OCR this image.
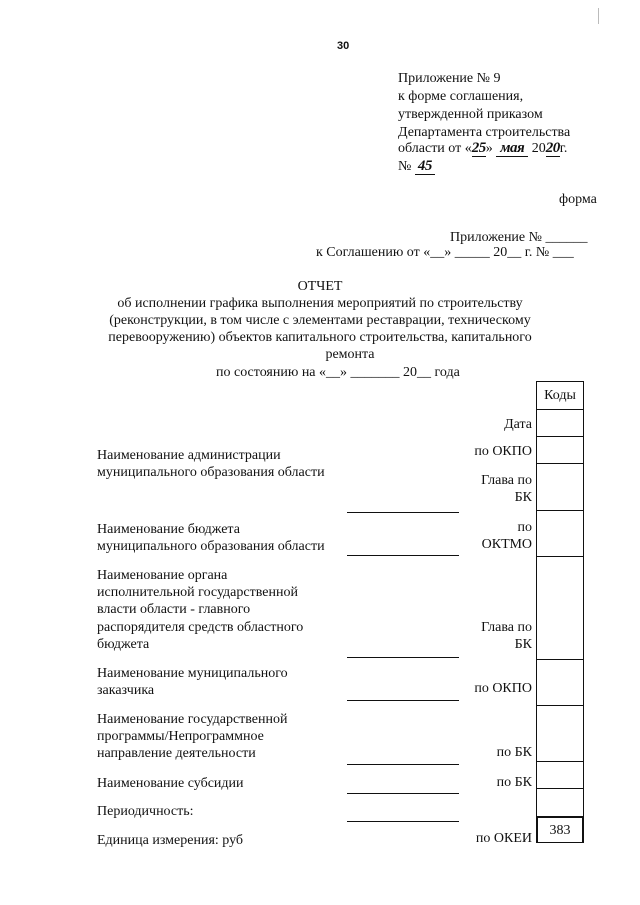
30
Приложение № 9
к форме соглашения,
утвержденной приказом
Департамента строительства
области от «25» мая 2020г.
№ 45
форма
Приложение № ______
к Соглашению от «__» _____ 20__ г. № ___
ОТЧЕТ
об исполнении графика выполнения мероприятий по строительству
(реконструкции, в том числе с элементами реставрации, техническому
перевооружению) объектов капитального строительства, капитального
ремонта
по состоянию на «__» _______ 20__ года
Коды
383
Дата
по ОКПО
Глава по
БК
по
ОКТМО
Глава по
БК
по ОКПО
по БК
по БК
по ОКЕИ
Наименование администрации
муниципального образования области
Наименование бюджета
муниципального образования области
Наименование органа
исполнительной государственной
власти области - главного
распорядителя средств областного
бюджета
Наименование муниципального
заказчика
Наименование государственной
программы/Непрограммное
направление деятельности
Наименование субсидии
Периодичность:
Единица измерения: руб
